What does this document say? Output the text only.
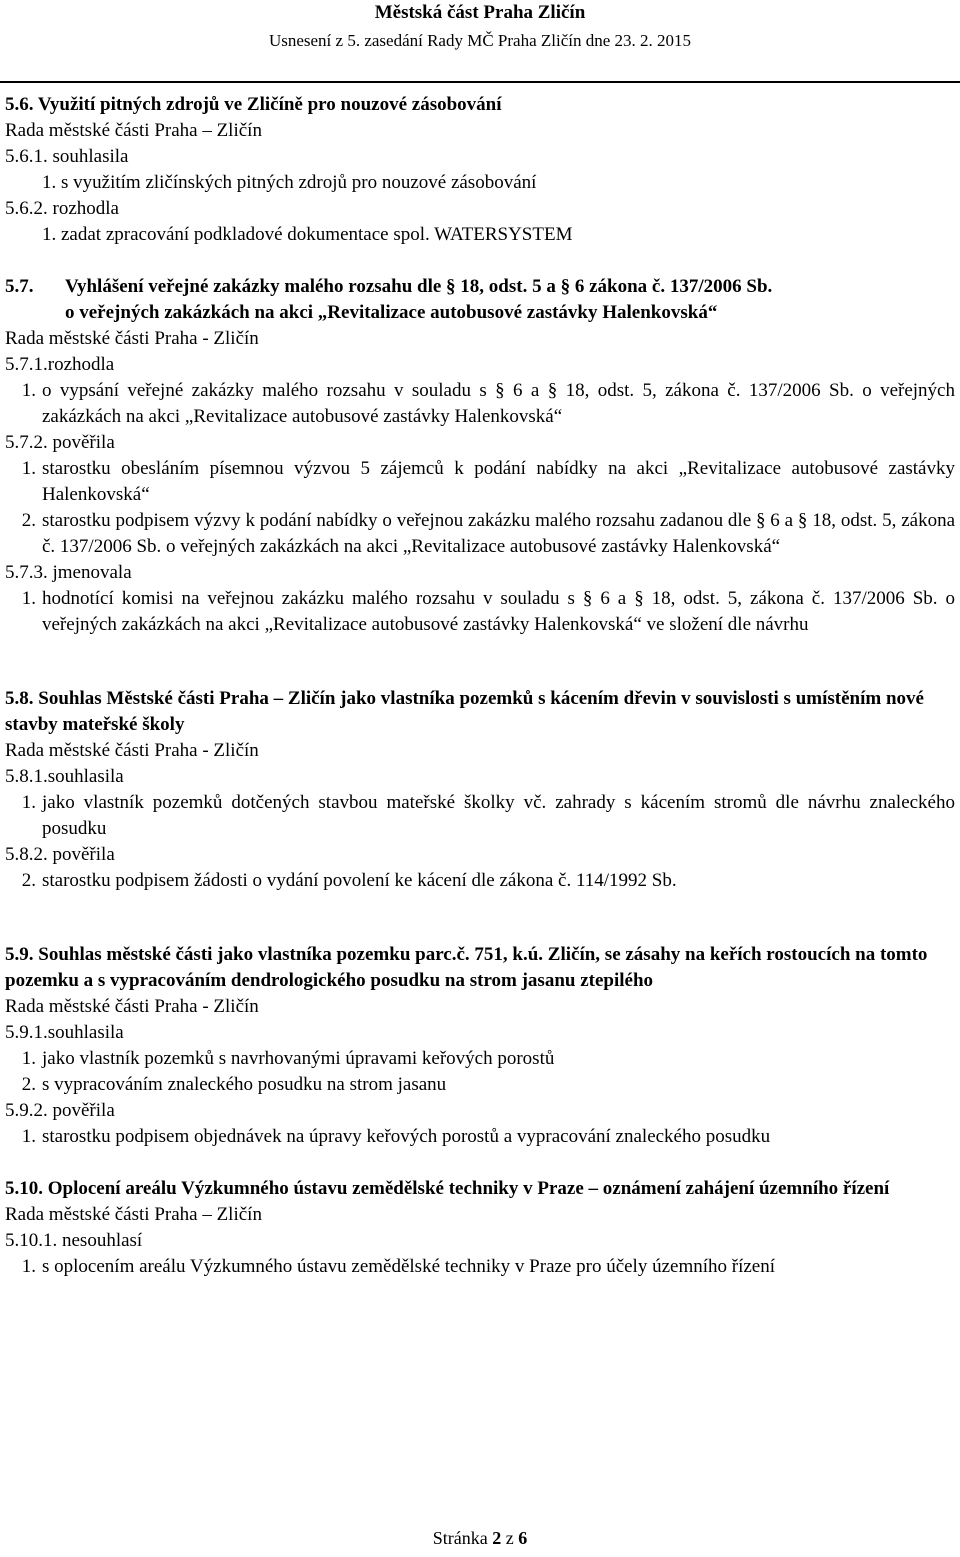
Městská část Praha Zličín
Usnesení z 5. zasedání Rady MČ Praha Zličín dne 23. 2. 2015
5.6. Využití pitných zdrojů ve Zličíně pro nouzové zásobování
Rada městské části Praha – Zličín
5.6.1. souhlasila
1. s využitím zličínských pitných zdrojů pro nouzové zásobování
5.6.2. rozhodla
1. zadat zpracování podkladové dokumentace spol. WATERSYSTEM
5.7.	Vyhlášení veřejné zakázky malého rozsahu dle § 18, odst. 5 a § 6 zákona č. 137/2006 Sb.
o veřejných zakázkách na akci „Revitalizace autobusové zastávky Halenkovská“
Rada městské části Praha - Zličín
5.7.1.rozhodla
1. o vypsání veřejné zakázky malého rozsahu v souladu s § 6 a § 18, odst. 5, zákona č. 137/2006 Sb. o veřejných zakázkách na akci „Revitalizace autobusové zastávky Halenkovská“
5.7.2. pověřila
1. starostku obesláním písemnou výzvou 5 zájemců k podání nabídky na akci „Revitalizace autobusové zastávky Halenkovská“
2. starostku podpisem výzvy k podání nabídky o veřejnou zakázku malého rozsahu zadanou dle § 6 a § 18, odst. 5, zákona č. 137/2006 Sb. o veřejných zakázkách na akci „Revitalizace autobusové zastávky Halenkovská“
5.7.3. jmenovala
1. hodnotící komisi na veřejnou zakázku malého rozsahu v souladu s § 6 a § 18, odst. 5, zákona č. 137/2006 Sb. o veřejných zakázkách na akci „Revitalizace autobusové zastávky Halenkovská“ ve složení dle návrhu
5.8. Souhlas Městské části Praha – Zličín jako vlastníka pozemků s kácením dřevin v souvislosti s umístěním nové stavby mateřské školy
Rada městské části Praha - Zličín
5.8.1.souhlasila
1. jako vlastník pozemků dotčených stavbou mateřské školky vč. zahrady s kácením stromů dle návrhu znaleckého posudku
5.8.2. pověřila
2. starostku podpisem žádosti o vydání povolení ke kácení dle zákona č. 114/1992 Sb.
5.9. Souhlas městské části jako vlastníka pozemku parc.č. 751, k.ú. Zličín, se zásahy na keřích rostoucích na tomto pozemku a s vypracováním dendrologického posudku na strom jasanu ztepilého
Rada městské části Praha - Zličín
5.9.1.souhlasila
1. jako vlastník pozemků s navrhovanými úpravami keřových porostů
2. s vypracováním znaleckého posudku na strom jasanu
5.9.2. pověřila
1. starostku podpisem objednávek na úpravy keřových porostů a vypracování znaleckého posudku
5.10. Oplocení areálu Výzkumného ústavu zemědělské techniky v Praze – oznámení zahájení územního řízení
Rada městské části Praha – Zličín
5.10.1. nesouhlasí
1. s oplocením areálu Výzkumného ústavu zemědělské techniky v Praze pro účely územního řízení
Stránka 2 z 6
